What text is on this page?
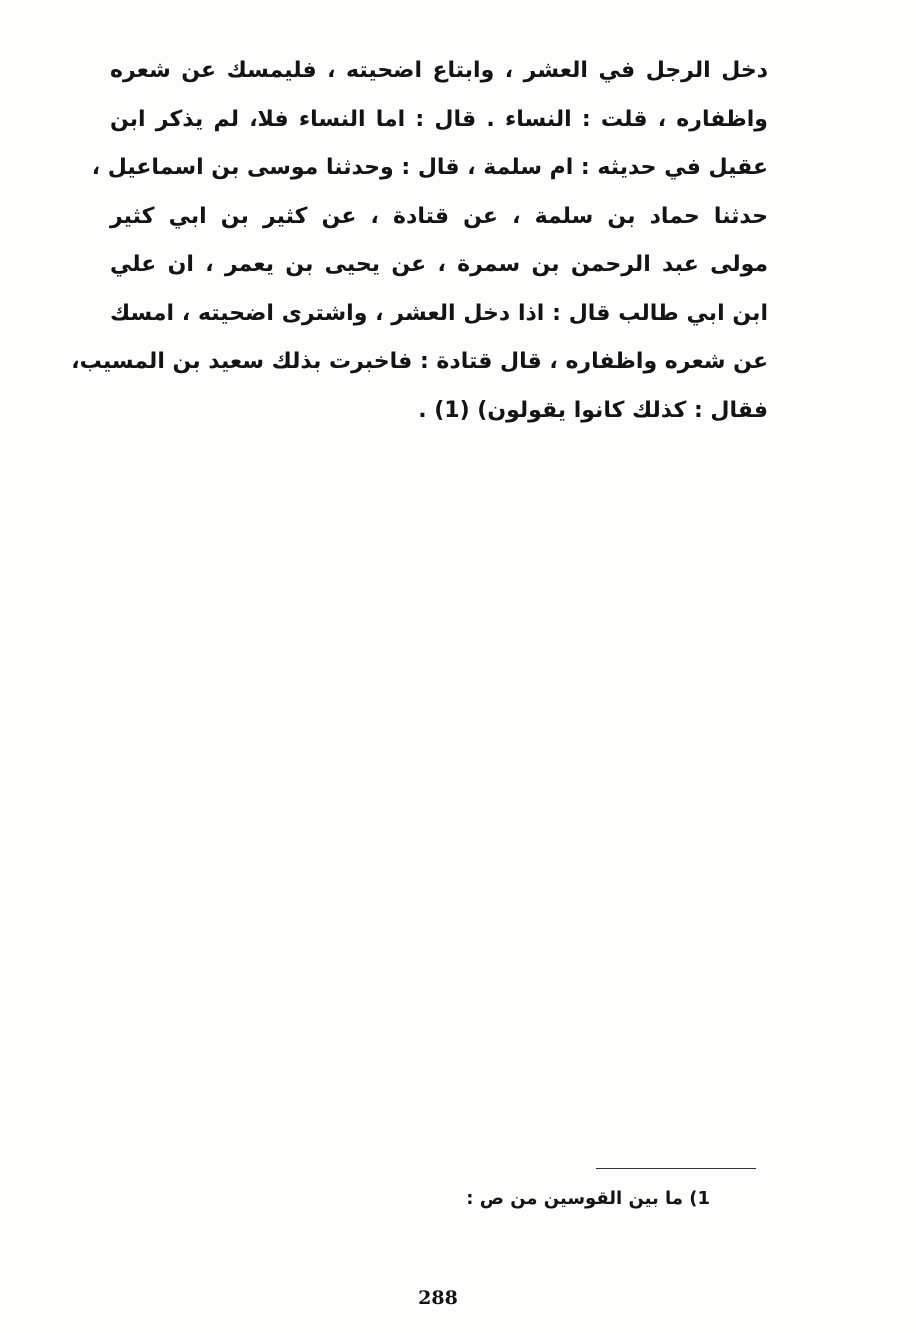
دخل الرجل في العشر ، وابتاع اضحيته ، فليمسك عن شعره
واظفاره ، قلت : النساء . قال : اما النساء فلا، لم يذكر ابن
عقيل في حديثه : ام سلمة ، قال : وحدثنا موسى بن اسماعيل ،
حدثنا حماد بن سلمة ، عن قتادة ، عن كثير بن ابي كثير
مولى عبد الرحمن بن سمرة ، عن يحيى بن يعمر ، ان علي
ابن ابي طالب قال : اذا دخل العشر ، واشترى اضحيته ، امسك
عن شعره واظفاره ، قال قتادة : فاخبرت بذلك سعيد بن المسيب،
فقال : كذلك كانوا يقولون) (1) .
1) ما بين القوسين من ص :
288
